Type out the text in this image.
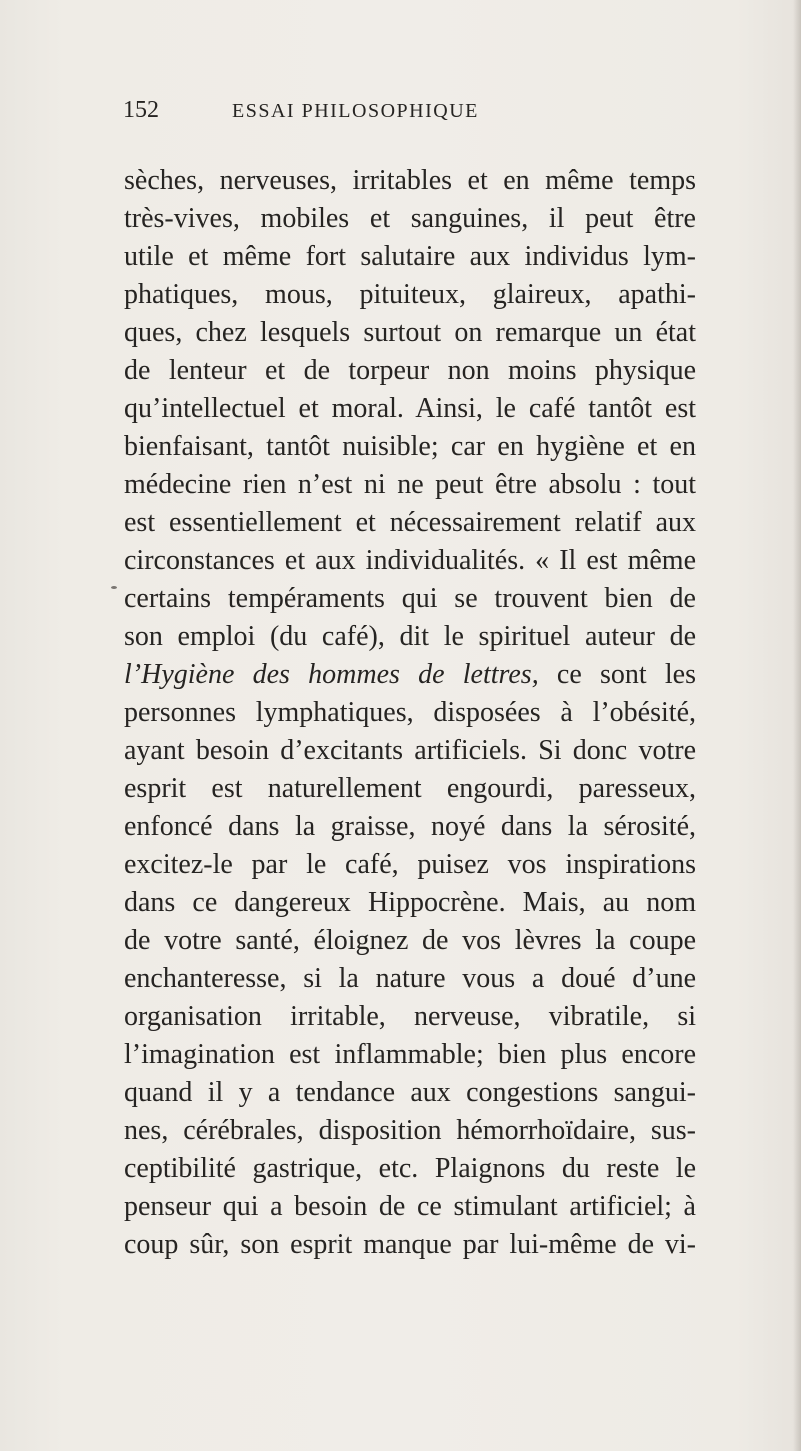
152	ESSAI PHILOSOPHIQUE
sèches, nerveuses, irritables et en même temps
très-vives, mobiles et sanguines, il peut être
utile et même fort salutaire aux individus lym-
phatiques, mous, pituiteux, glaireux, apathi-
ques, chez lesquels surtout on remarque un état
de lenteur et de torpeur non moins physique
qu’intellectuel et moral. Ainsi, le café tantôt est
bienfaisant, tantôt nuisible; car en hygiène et en
médecine rien n’est ni ne peut être absolu : tout
est essentiellement et nécessairement relatif aux
circonstances et aux individualités. « Il est même
certains tempéraments qui se trouvent bien de
son emploi (du café), dit le spirituel auteur de
l’Hygiène des hommes de lettres, ce sont les
personnes lymphatiques, disposées à l’obésité,
ayant besoin d’excitants artificiels. Si donc votre
esprit est naturellement engourdi, paresseux,
enfoncé dans la graisse, noyé dans la sérosité,
excitez-le par le café, puisez vos inspirations
dans ce dangereux Hippocrène. Mais, au nom
de votre santé, éloignez de vos lèvres la coupe
enchanteresse, si la nature vous a doué d’une
organisation irritable, nerveuse, vibratile, si
l’imagination est inflammable; bien plus encore
quand il y a tendance aux congestions sangui-
nes, cérébrales, disposition hémorrhoïdaire, sus-
ceptibilité gastrique, etc. Plaignons du reste le
penseur qui a besoin de ce stimulant artificiel; à
coup sûr, son esprit manque par lui-même de vi-
